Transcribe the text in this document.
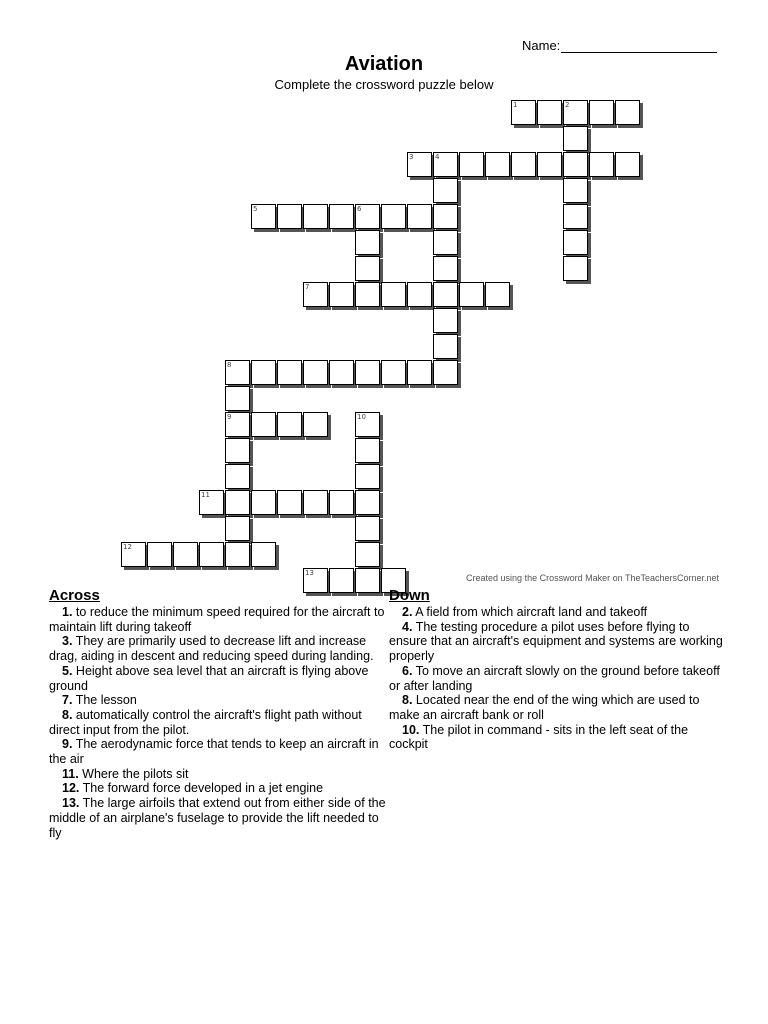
Name:
Aviation
Complete the crossword puzzle below
1	2
3	4
5	6
7
8
9	10
11
12
13	Created using the Crossword Maker on TheTeachersCorner.net
Across
1. to reduce the minimum speed required for the aircraft to maintain lift during takeoff
3. They are primarily used to decrease lift and increase drag, aiding in descent and reducing speed during landing.
5. Height above sea level that an aircraft is flying above ground
7. The lesson
8. automatically control the aircraft's flight path without direct input from the pilot.
9. The aerodynamic force that tends to keep an aircraft in the air
11. Where the pilots sit
12. The forward force developed in a jet engine
13. The large airfoils that extend out from either side of the middle of an airplane's fuselage to provide the lift needed to fly
Down
2. A field from which aircraft land and takeoff
4. The testing procedure a pilot uses before flying to ensure that an aircraft's equipment and systems are working properly
6. To move an aircraft slowly on the ground before takeoff or after landing
8. Located near the end of the wing which are used to make an aircraft bank or roll
10. The pilot in command - sits in the left seat of the cockpit
